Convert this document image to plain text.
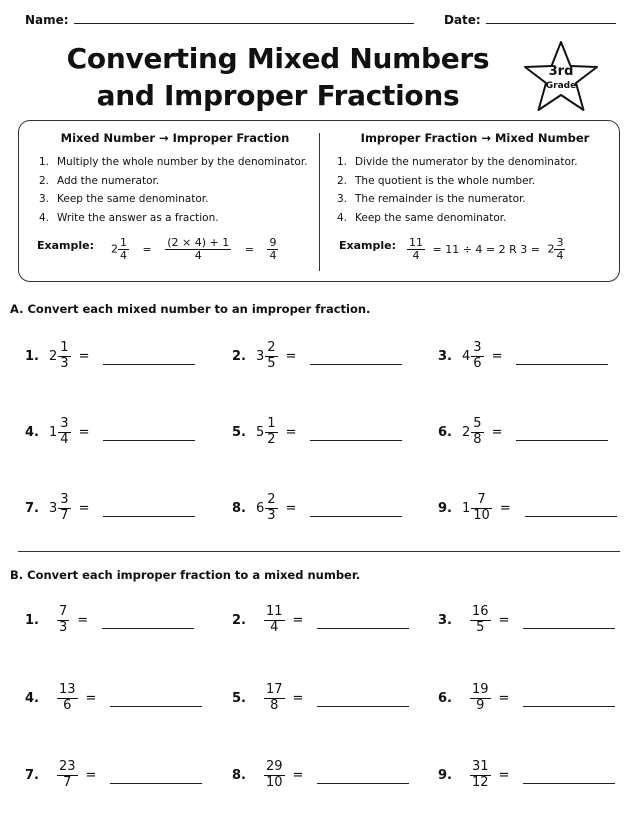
Name:	Date:
Converting Mixed Numbers
and Improper Fractions
3rd
Grade
Mixed Number → Improper Fraction
1. Multiply the whole number by the denominator.
2. Add the numerator.
3. Keep the same denominator.
4. Write the answer as a fraction.
Example: $2 \frac{1}{4} = \frac{(2 \times 4) + 1}{4} = \frac{9}{4}$
Improper Fraction → Mixed Number
1. Divide the numerator by the denominator.
2. The quotient is the whole number.
3. The remainder is the numerator.
4. Keep the same denominator.
Example: $\frac{11}{4} = 11 \div 4 = 2$ R $3 = 2 \frac{3}{4}$
A. Convert each mixed number to an improper fraction.
1. $2 \frac{1}{3}$ =	2. $3 \frac{2}{5}$ =	3. $4 \frac{3}{6}$ =
4. $1 \frac{3}{4}$ =	5. $5 \frac{1}{2}$ =	6. $2 \frac{5}{8}$ =
7. $3 \frac{3}{7}$ =	8. $6 \frac{2}{3}$ =	9. $1 \frac{7}{10}$ =
B. Convert each improper fraction to a mixed number.
1.	$\frac{7}{3}$ =	2.	$\frac{11}{4}$ =	3.	$\frac{16}{5}$ =
4.	$\frac{13}{6}$ =	5.	$\frac{17}{8}$ =	6.	$\frac{19}{9}$ =
7.	$\frac{23}{7}$ =	8.	$\frac{29}{10}$ =	9.	$\frac{31}{12}$ =
